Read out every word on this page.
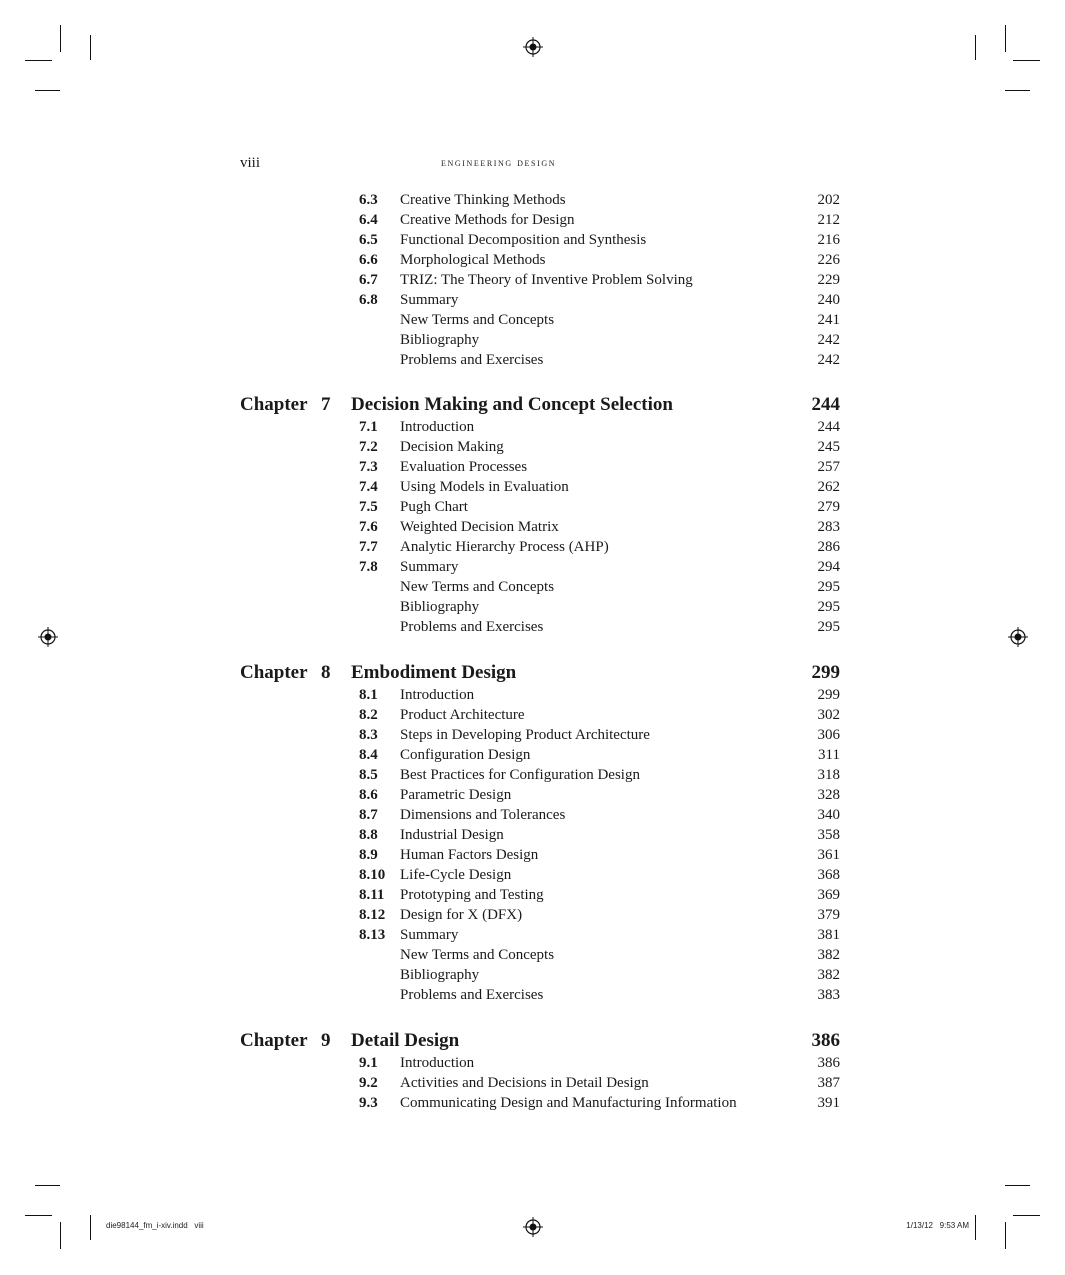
viii	engineering design
6.3 Creative Thinking Methods	202
6.4 Creative Methods for Design	212
6.5 Functional Decomposition and Synthesis	216
6.6 Morphological Methods	226
6.7 TRIZ: The Theory of Inventive Problem Solving	229
6.8 Summary	240
New Terms and Concepts	241
Bibliography	242
Problems and Exercises	242
Chapter 7 Decision Making and Concept Selection	244
7.1 Introduction	244
7.2 Decision Making	245
7.3 Evaluation Processes	257
7.4 Using Models in Evaluation	262
7.5 Pugh Chart	279
7.6 Weighted Decision Matrix	283
7.7 Analytic Hierarchy Process (AHP)	286
7.8 Summary	294
New Terms and Concepts	295
Bibliography	295
Problems and Exercises	295
Chapter 8 Embodiment Design	299
8.1 Introduction	299
8.2 Product Architecture	302
8.3 Steps in Developing Product Architecture	306
8.4 Configuration Design	311
8.5 Best Practices for Configuration Design	318
8.6 Parametric Design	328
8.7 Dimensions and Tolerances	340
8.8 Industrial Design	358
8.9 Human Factors Design	361
8.10 Life-Cycle Design	368
8.11 Prototyping and Testing	369
8.12 Design for X (DFX)	379
8.13 Summary	381
New Terms and Concepts	382
Bibliography	382
Problems and Exercises	383
Chapter 9 Detail Design	386
9.1 Introduction	386
9.2 Activities and Decisions in Detail Design	387
9.3 Communicating Design and Manufacturing Information	391
die98144_fm_i-xiv.indd   viii	1/13/12   9:53 AM
